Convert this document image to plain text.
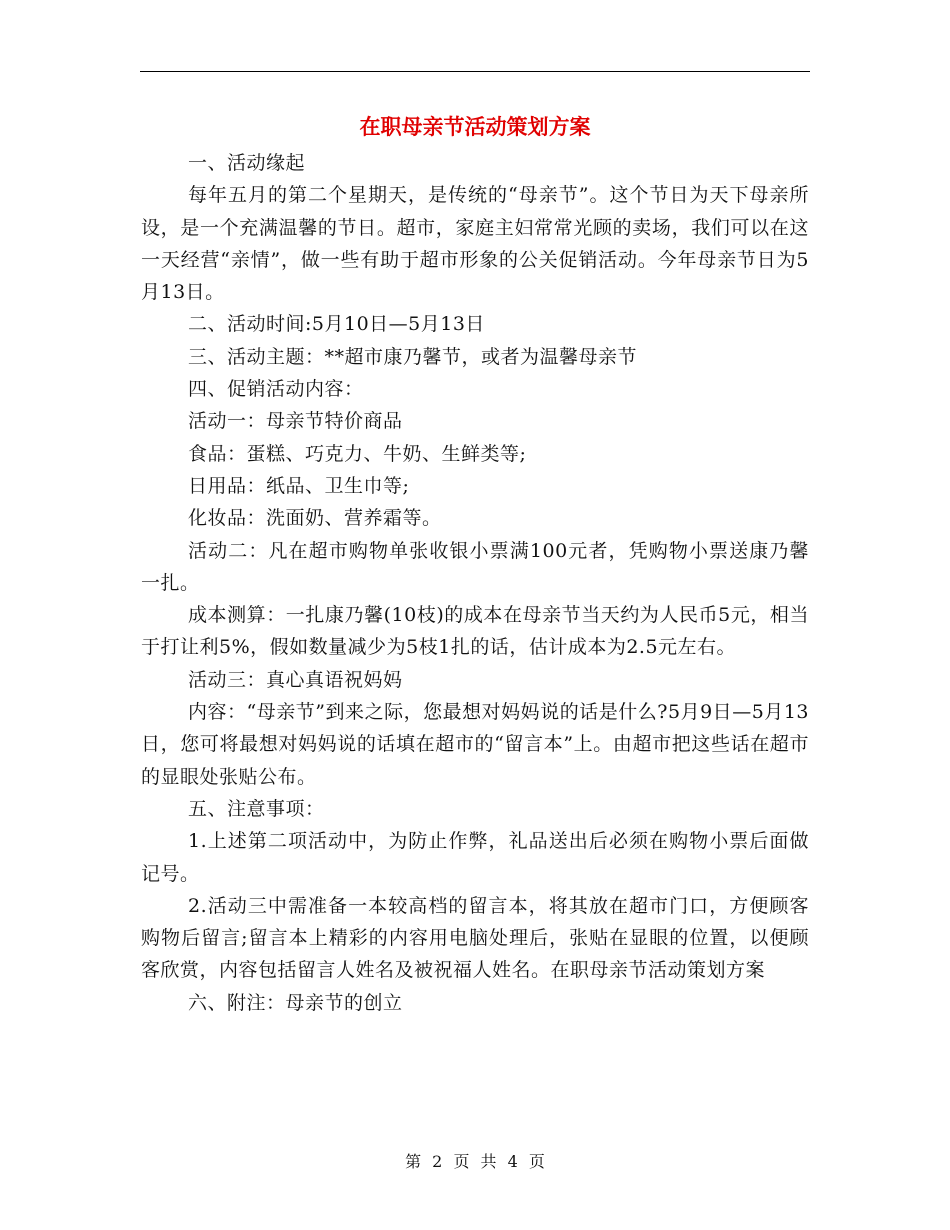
在职母亲节活动策划方案

一、活动缘起

每年五月的第二个星期天，是传统的“母亲节”。这个节日为天下母亲所设，是一个充满温馨的节日。超市，家庭主妇常常光顾的卖场，我们可以在这一天经营“亲情”，做一些有助于超市形象的公关促销活动。今年母亲节日为5月13日。

二、活动时间:5月10日—5月13日

三、活动主题：**超市康乃馨节，或者为温馨母亲节

四、促销活动内容：

活动一：母亲节特价商品

食品：蛋糕、巧克力、牛奶、生鲜类等;

日用品：纸品、卫生巾等;

化妆品：洗面奶、营养霜等。

活动二：凡在超市购物单张收银小票满100元者，凭购物小票送康乃馨一扎。

成本测算：一扎康乃馨(10枝)的成本在母亲节当天约为人民币5元，相当于打让利5%，假如数量减少为5枝1扎的话，估计成本为2.5元左右。

活动三：真心真语祝妈妈

内容：“母亲节”到来之际，您最想对妈妈说的话是什么?5月9日—5月13日，您可将最想对妈妈说的话填在超市的“留言本”上。由超市把这些话在超市的显眼处张贴公布。

五、注意事项：

1.上述第二项活动中，为防止作弊，礼品送出后必须在购物小票后面做记号。

2.活动三中需准备一本较高档的留言本，将其放在超市门口，方便顾客购物后留言;留言本上精彩的内容用电脑处理后，张贴在显眼的位置，以便顾客欣赏，内容包括留言人姓名及被祝福人姓名。在职母亲节活动策划方案

六、附注：母亲节的创立

第 2 页 共 4 页
